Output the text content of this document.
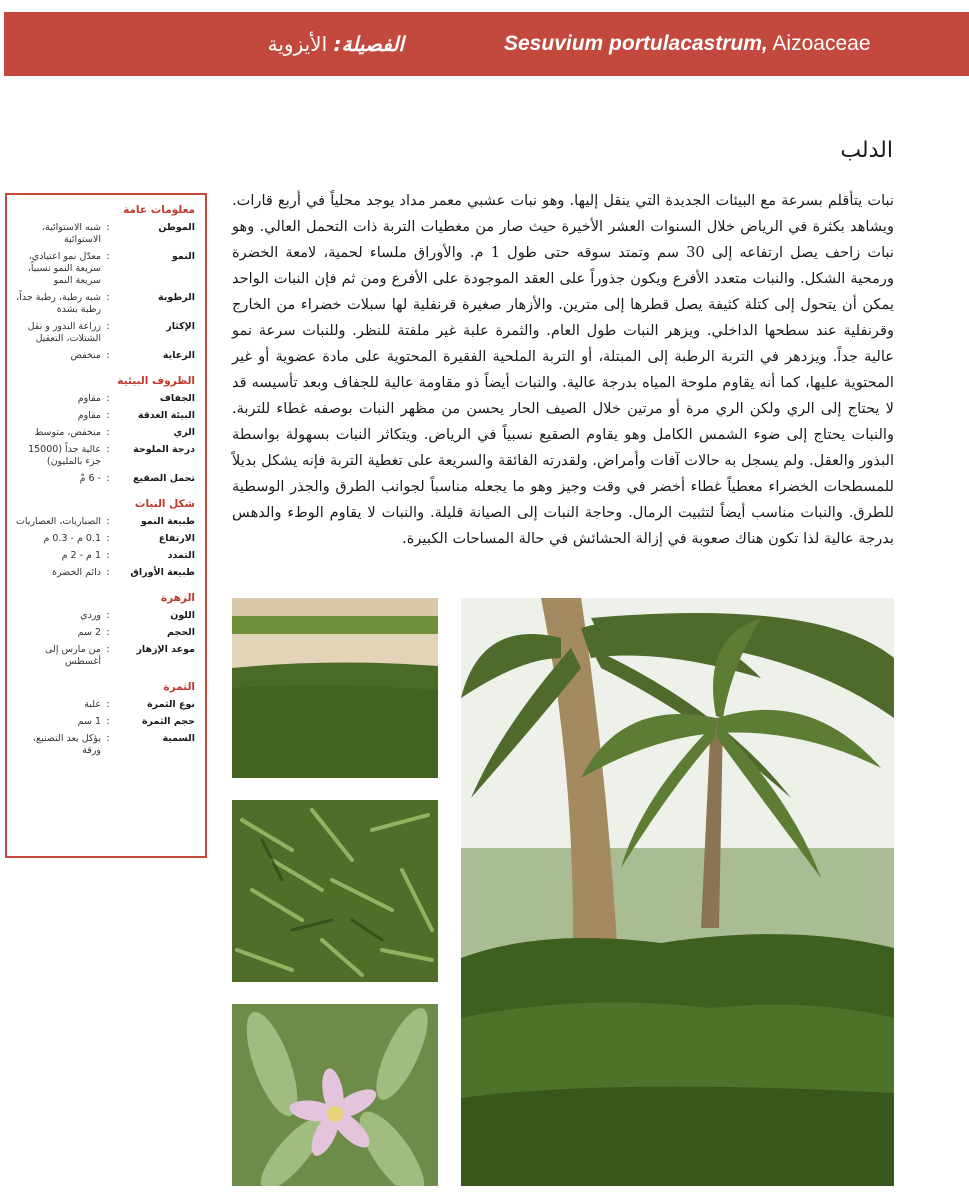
Sesuvium portulacastrum, Aizoaceae
الفصيلة: الأيزوية
الدلب
نبات يتأقلم بسرعة مع البيئات الجديدة التي ينقل إليها. وهو نبات عشبي معمر مداد يوجد محلياً في أربع قارات. ويشاهد بكثرة في الرياض خلال السنوات العشر الأخيرة حيث صار من مغطيات التربة ذات التحمل العالي. وهو نبات زاحف يصل ارتفاعه إلى 30 سم وتمتد سوقه حتى طول 1 م. والأوراق ملساء لحمية، لامعة الخضرة ورمحية الشكل. والنبات متعدد الأفرع ويكون جذوراً على العقد الموجودة على الأفرع ومن ثم فإن النبات الواحد يمكن أن يتحول إلى كتلة كثيفة يصل قطرها إلى مترين. والأزهار صغيرة قرنفلية لها سبلات خضراء من الخارج وقرنفلية عند سطحها الداخلي. ويزهر النبات طول العام. والثمرة علبة غير ملفتة للنظر. وللنبات سرعة نمو عالية جداً. ويزدهر في التربة الرطبة إلى المبتلة، أو التربة الملحية الفقيرة المحتوية على مادة عضوية أو غير المحتوية عليها، كما أنه يقاوم ملوحة المياه بدرجة عالية. والنبات أيضاً ذو مقاومة عالية للجفاف وبعد تأسيسه قد لا يحتاج إلى الري ولكن الري مرة أو مرتين خلال الصيف الحار يحسن من مظهر النبات بوصفه غطاء للتربة. والنبات يحتاج إلى ضوء الشمس الكامل وهو يقاوم الصقيع نسبياً في الرياض. ويتكاثر النبات بسهولة بواسطة البذور والعقل. ولم يسجل به حالات آفات وأمراض. ولقدرته الفائقة والسريعة على تغطية التربة فإنه يشكل بديلاً للمسطحات الخضراء معطياً غطاء أخضر في وقت وجيز وهو ما يجعله مناسباً لجوانب الطرق والجذر الوسطية للطرق. والنبات مناسب أيضاً لتثبيت الرمال. وحاجة النبات إلى الصيانة قليلة. والنبات لا يقاوم الوطء والدهس بدرجة عالية لذا تكون هناك صعوبة في إزالة الحشائش في حالة المساحات الكبيرة.
معلومات عامة
الموطن
:
شبه الاستوائية، الاستوائية
النمو
:
معدّل نمو اعتيادي، سريعة النمو نسبياً، سريعة النمو
الرطوبة
:
شبه رطبة، رطبة جداً، رطبة بشدة
الإكثار
:
زراعة البذور و نقل الشتلات، التعقيل
الرعاية
:
منخفض
الظروف البيئية
الجفاف
:
مقاوم
البيئة الغدقة
:
مقاوم
الري
:
منخفض، متوسط
درجة الملوحة
:
عالية جداً (15000 جزء بالمليون)
تحمل الصقيع
:
- 6 مْ
شكل النبات
طبيعة النمو
:
الصباريات، العصاريات
الارتفاع
:
0.1 م - 0.3 م
التمدد
:
1 م - 2 م
طبيعة الأوراق
:
دائم الخضرة
الزهرة
اللون
:
وردي
الحجم
:
2 سم
موعد الإزهار
:
من مارس إلى أغسطس
الثمرة
نوع الثمرة
:
علبة
حجم الثمرة
:
1 سم
السمية
:
يؤكل بعد التصنيع، ورقة
